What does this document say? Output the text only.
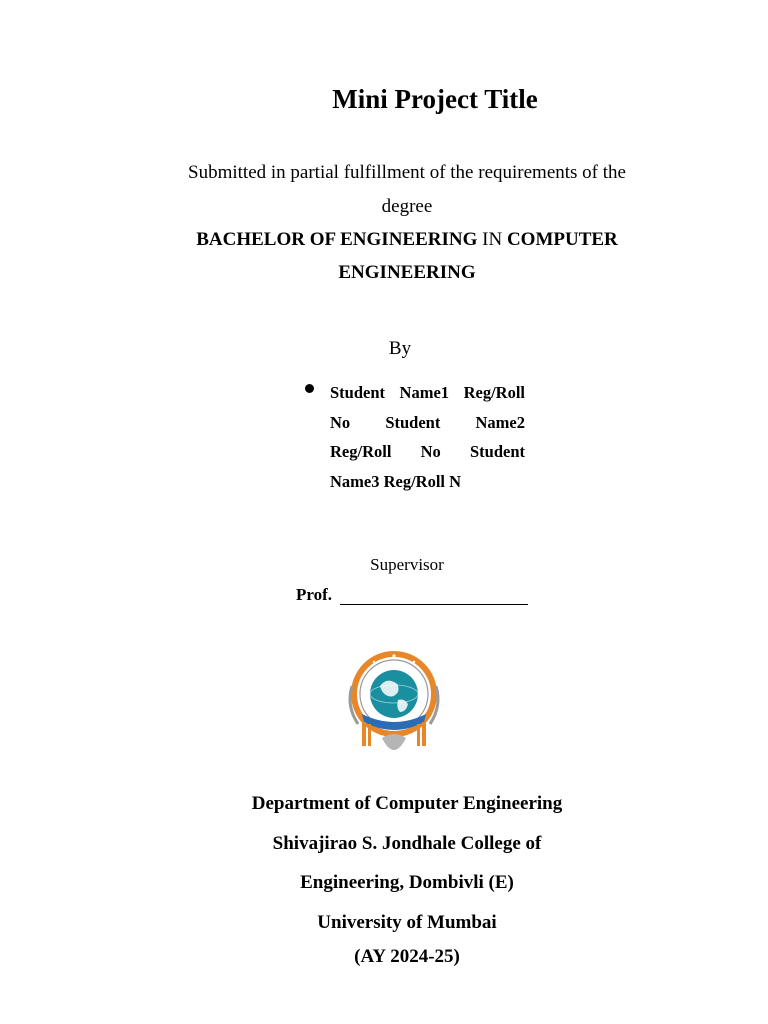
Mini Project Title
Submitted in partial fulfillment of the requirements of the
degree
BACHELOR OF ENGINEERING IN COMPUTER
ENGINEERING
By
Student Name1 Reg/Roll No Student Name2 Reg/Roll No Student Name3 Reg/Roll N
Supervisor
Prof.
Department of Computer Engineering
Shivajirao S. Jondhale College of
Engineering, Dombivli (E)
University of Mumbai
(AY 2024-25)
